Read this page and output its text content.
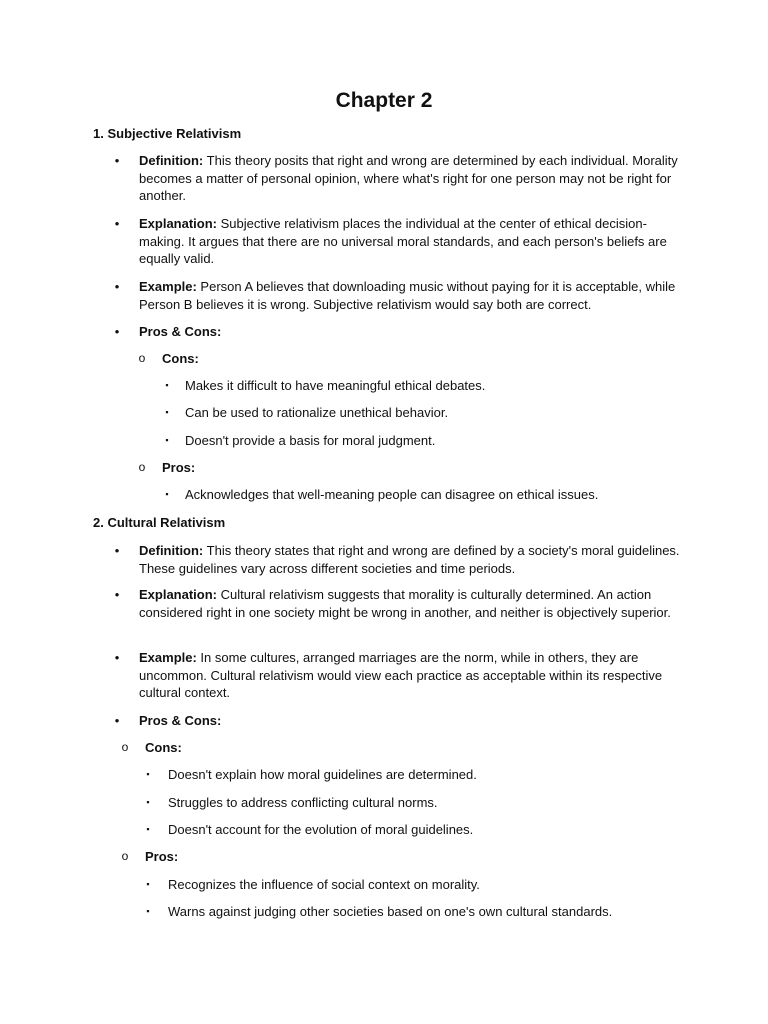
Chapter 2
1. Subjective Relativism
•	Definition: This theory posits that right and wrong are determined by each individual. Morality becomes a matter of personal opinion, where what's right for one person may not be right for another.
•	Explanation: Subjective relativism places the individual at the center of ethical decision-making. It argues that there are no universal moral standards, and each person's beliefs are equally valid.
•	Example: Person A believes that downloading music without paying for it is acceptable, while Person B believes it is wrong. Subjective relativism would say both are correct.
•	Pros & Cons:
o Cons:
▪	Makes it difficult to have meaningful ethical debates.
▪	Can be used to rationalize unethical behavior.
▪	Doesn't provide a basis for moral judgment.
o Pros:
▪	Acknowledges that well-meaning people can disagree on ethical issues.
2. Cultural Relativism
•	Definition: This theory states that right and wrong are defined by a society's moral guidelines. These guidelines vary across different societies and time periods.
•	Explanation: Cultural relativism suggests that morality is culturally determined. An action considered right in one society might be wrong in another, and neither is objectively superior.
•	Example: In some cultures, arranged marriages are the norm, while in others, they are uncommon. Cultural relativism would view each practice as acceptable within its respective cultural context.
•	Pros & Cons:
o Cons:
▪	Doesn't explain how moral guidelines are determined.
▪	Struggles to address conflicting cultural norms.
▪	Doesn't account for the evolution of moral guidelines.
o Pros:
▪	Recognizes the influence of social context on morality.
▪	Warns against judging other societies based on one's own cultural standards.
